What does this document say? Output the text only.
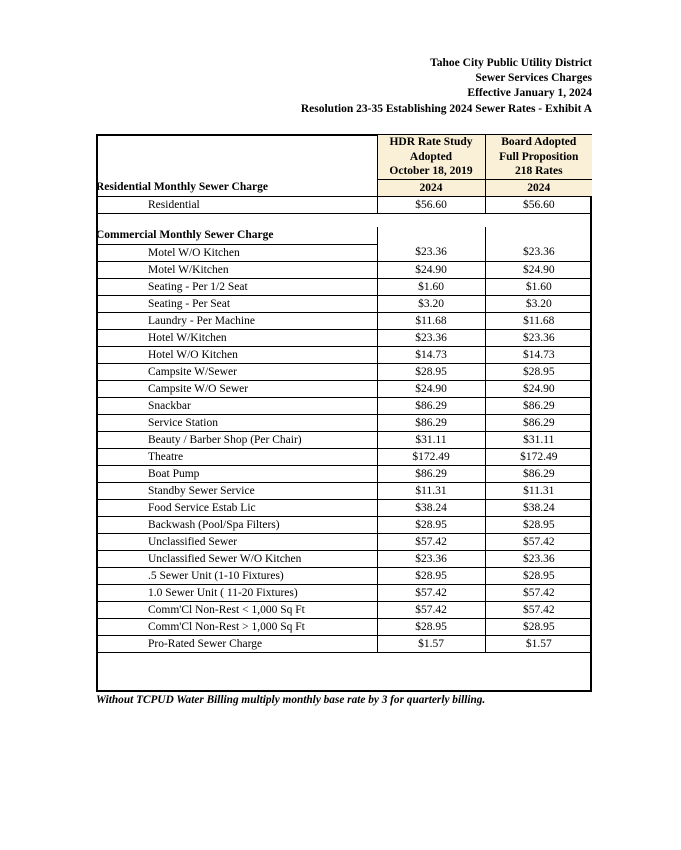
Tahoe City Public Utility District
Sewer Services Charges
Effective January 1, 2024
Resolution 23-35 Establishing 2024 Sewer Rates - Exhibit A
	HDR Rate Study
Adopted
October 18, 2019	Board Adopted
Full Proposition
218 Rates
Residential Monthly Sewer Charge	2024	2024
Residential	$56.60	$56.60

Commercial Monthly Sewer Charge		
Motel W/O Kitchen	$23.36	$23.36
Motel W/Kitchen	$24.90	$24.90
Seating - Per 1/2 Seat	$1.60	$1.60
Seating - Per Seat	$3.20	$3.20
Laundry - Per Machine	$11.68	$11.68
Hotel W/Kitchen	$23.36	$23.36
Hotel W/O Kitchen	$14.73	$14.73
Campsite W/Sewer	$28.95	$28.95
Campsite W/O Sewer	$24.90	$24.90
Snackbar	$86.29	$86.29
Service Station	$86.29	$86.29
Beauty / Barber Shop (Per Chair)	$31.11	$31.11
Theatre	$172.49	$172.49
Boat Pump	$86.29	$86.29
Standby Sewer Service	$11.31	$11.31
Food Service Estab Lic	$38.24	$38.24
Backwash (Pool/Spa Filters)	$28.95	$28.95
Unclassified Sewer	$57.42	$57.42
Unclassified Sewer W/O Kitchen	$23.36	$23.36
.5 Sewer Unit (1-10 Fixtures)	$28.95	$28.95
1.0 Sewer Unit ( 11-20 Fixtures)	$57.42	$57.42
Comm'Cl Non-Rest < 1,000 Sq Ft	$57.42	$57.42
Comm'Cl Non-Rest > 1,000 Sq Ft	$28.95	$28.95
Pro-Rated Sewer Charge	$1.57	$1.57
Without TCPUD Water Billing multiply monthly base rate by 3 for quarterly billing.		
